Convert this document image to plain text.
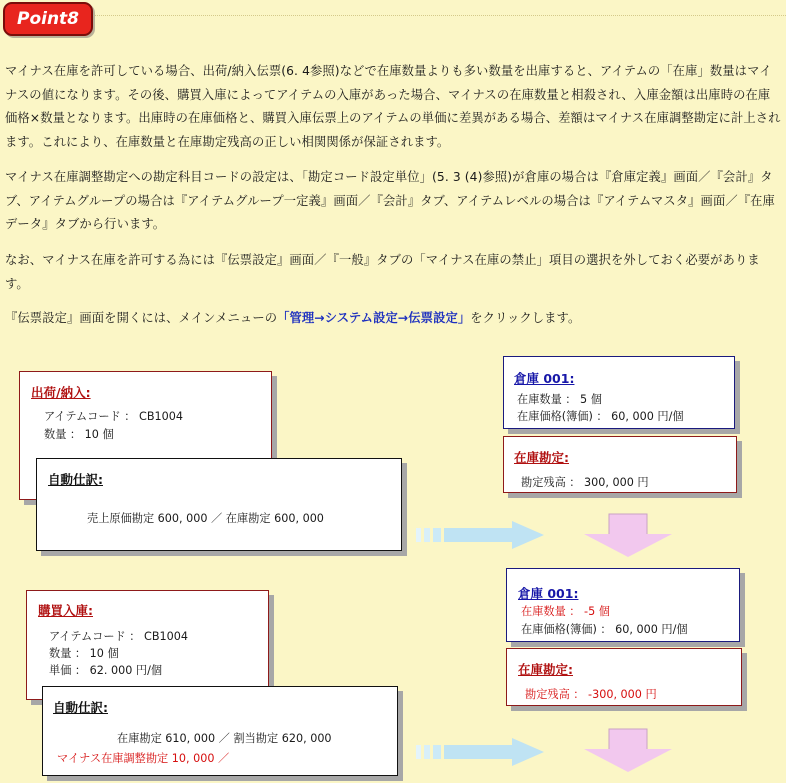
Point8
マイナス在庫を許可している場合、出荷/納入伝票(6. 4参照)などで在庫数量よりも多い数量を出庫すると、アイテムの「在庫」数量はマイナスの値になります。その後、購買入庫によってアイテムの入庫があった場合、マイナスの在庫数量と相殺され、入庫金額は出庫時の在庫価格×数量となります。出庫時の在庫価格と、購買入庫伝票上のアイテムの単価に差異がある場合、差額はマイナス在庫調整勘定に計上されます。これにより、在庫数量と在庫勘定残高の正しい相関関係が保証されます。
マイナス在庫調整勘定への勘定科目コードの設定は、「勘定コード設定単位」(5. 3 (4)参照)が倉庫の場合は『倉庫定義』画面／『会計』タブ、アイテムグループの場合は『アイテムグループ一定義』画面／『会計』タブ、アイテムレベルの場合は『アイテムマスタ』画面／『在庫データ』タブから行います。
なお、マイナス在庫を許可する為には『伝票設定』画面／『一般』タブの「マイナス在庫の禁止」項目の選択を外しておく必要があります。
『伝票設定』画面を開くには、メインメニューの「管理→システム設定→伝票設定」をクリックします。
出荷/納入:
アイテムコード ： CB1004
数量 ： 10 個
自動仕訳:
売上原価勘定 600, 000 ／ 在庫勘定 600, 000
倉庫 001:
在庫数量 ： 5 個
在庫価格(簿価) ： 60, 000 円/個
在庫勘定:
勘定残高 ： 300, 000 円
購買入庫:
アイテムコード ： CB1004
数量 ： 10 個
単価 ： 62. 000 円/個
自動仕訳:
在庫勘定 610, 000 ／ 割当勘定 620, 000
マイナス在庫調整勘定 10, 000 ／
倉庫 001:
在庫数量 ： -5 個
在庫価格(簿価) ： 60, 000 円/個
在庫勘定:
勘定残高 ： -300, 000 円
